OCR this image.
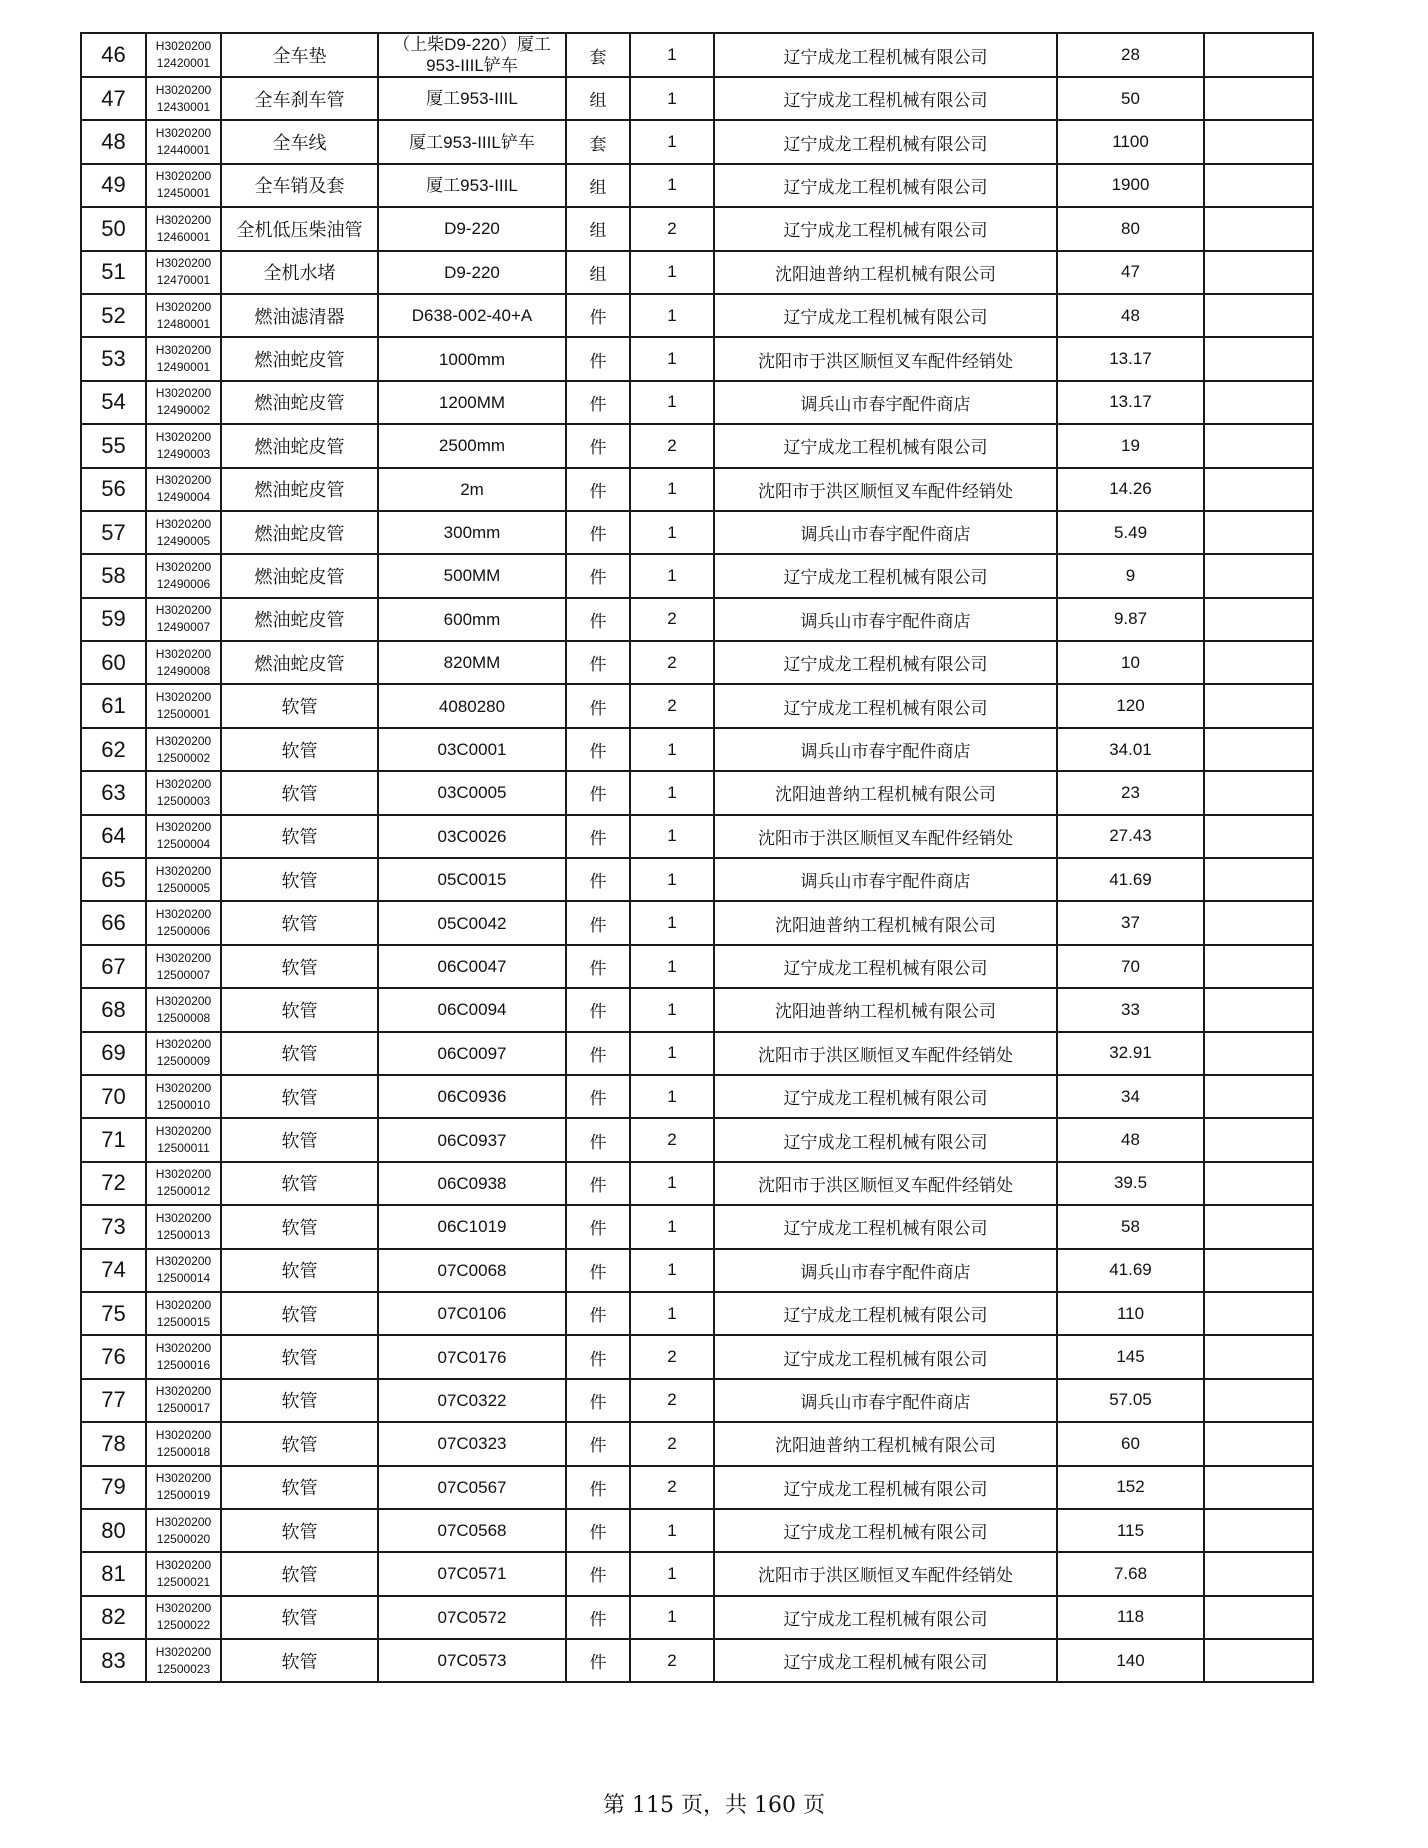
46	H3020200 12420001	全车垫	（上柴D9-220）厦工 953-IIIL铲车	套	1	辽宁成龙工程机械有限公司	28	
47	H3020200 12430001	全车刹车管	厦工953-IIIL	组	1	辽宁成龙工程机械有限公司	50	
48	H3020200 12440001	全车线	厦工953-IIIL铲车	套	1	辽宁成龙工程机械有限公司	1100	
49	H3020200 12450001	全车销及套	厦工953-IIIL	组	1	辽宁成龙工程机械有限公司	1900	
50	H3020200 12460001	全机低压柴油管	D9-220	组	2	辽宁成龙工程机械有限公司	80	
51	H3020200 12470001	全机水堵	D9-220	组	1	沈阳迪普纳工程机械有限公司	47	
52	H3020200 12480001	燃油滤清器	D638-002-40+A	件	1	辽宁成龙工程机械有限公司	48	
53	H3020200 12490001	燃油蛇皮管	1000mm	件	1	沈阳市于洪区顺恒叉车配件经销处	13.17	
54	H3020200 12490002	燃油蛇皮管	1200MM	件	1	调兵山市春宇配件商店	13.17	
55	H3020200 12490003	燃油蛇皮管	2500mm	件	2	辽宁成龙工程机械有限公司	19	
56	H3020200 12490004	燃油蛇皮管	2m	件	1	沈阳市于洪区顺恒叉车配件经销处	14.26	
57	H3020200 12490005	燃油蛇皮管	300mm	件	1	调兵山市春宇配件商店	5.49	
58	H3020200 12490006	燃油蛇皮管	500MM	件	1	辽宁成龙工程机械有限公司	9	
59	H3020200 12490007	燃油蛇皮管	600mm	件	2	调兵山市春宇配件商店	9.87	
60	H3020200 12490008	燃油蛇皮管	820MM	件	2	辽宁成龙工程机械有限公司	10	
61	H3020200 12500001	软管	4080280	件	2	辽宁成龙工程机械有限公司	120	
62	H3020200 12500002	软管	03C0001	件	1	调兵山市春宇配件商店	34.01	
63	H3020200 12500003	软管	03C0005	件	1	沈阳迪普纳工程机械有限公司	23	
64	H3020200 12500004	软管	03C0026	件	1	沈阳市于洪区顺恒叉车配件经销处	27.43	
65	H3020200 12500005	软管	05C0015	件	1	调兵山市春宇配件商店	41.69	
66	H3020200 12500006	软管	05C0042	件	1	沈阳迪普纳工程机械有限公司	37	
67	H3020200 12500007	软管	06C0047	件	1	辽宁成龙工程机械有限公司	70	
68	H3020200 12500008	软管	06C0094	件	1	沈阳迪普纳工程机械有限公司	33	
69	H3020200 12500009	软管	06C0097	件	1	沈阳市于洪区顺恒叉车配件经销处	32.91	
70	H3020200 12500010	软管	06C0936	件	1	辽宁成龙工程机械有限公司	34	
71	H3020200 12500011	软管	06C0937	件	2	辽宁成龙工程机械有限公司	48	
72	H3020200 12500012	软管	06C0938	件	1	沈阳市于洪区顺恒叉车配件经销处	39.5	
73	H3020200 12500013	软管	06C1019	件	1	辽宁成龙工程机械有限公司	58	
74	H3020200 12500014	软管	07C0068	件	1	调兵山市春宇配件商店	41.69	
75	H3020200 12500015	软管	07C0106	件	1	辽宁成龙工程机械有限公司	110	
76	H3020200 12500016	软管	07C0176	件	2	辽宁成龙工程机械有限公司	145	
77	H3020200 12500017	软管	07C0322	件	2	调兵山市春宇配件商店	57.05	
78	H3020200 12500018	软管	07C0323	件	2	沈阳迪普纳工程机械有限公司	60	
79	H3020200 12500019	软管	07C0567	件	2	辽宁成龙工程机械有限公司	152	
80	H3020200 12500020	软管	07C0568	件	1	辽宁成龙工程机械有限公司	115	
81	H3020200 12500021	软管	07C0571	件	1	沈阳市于洪区顺恒叉车配件经销处	7.68	
82	H3020200 12500022	软管	07C0572	件	1	辽宁成龙工程机械有限公司	118	
83	H3020200 12500023	软管	07C0573	件	2	辽宁成龙工程机械有限公司	140	
第 115 页，共 160 页
